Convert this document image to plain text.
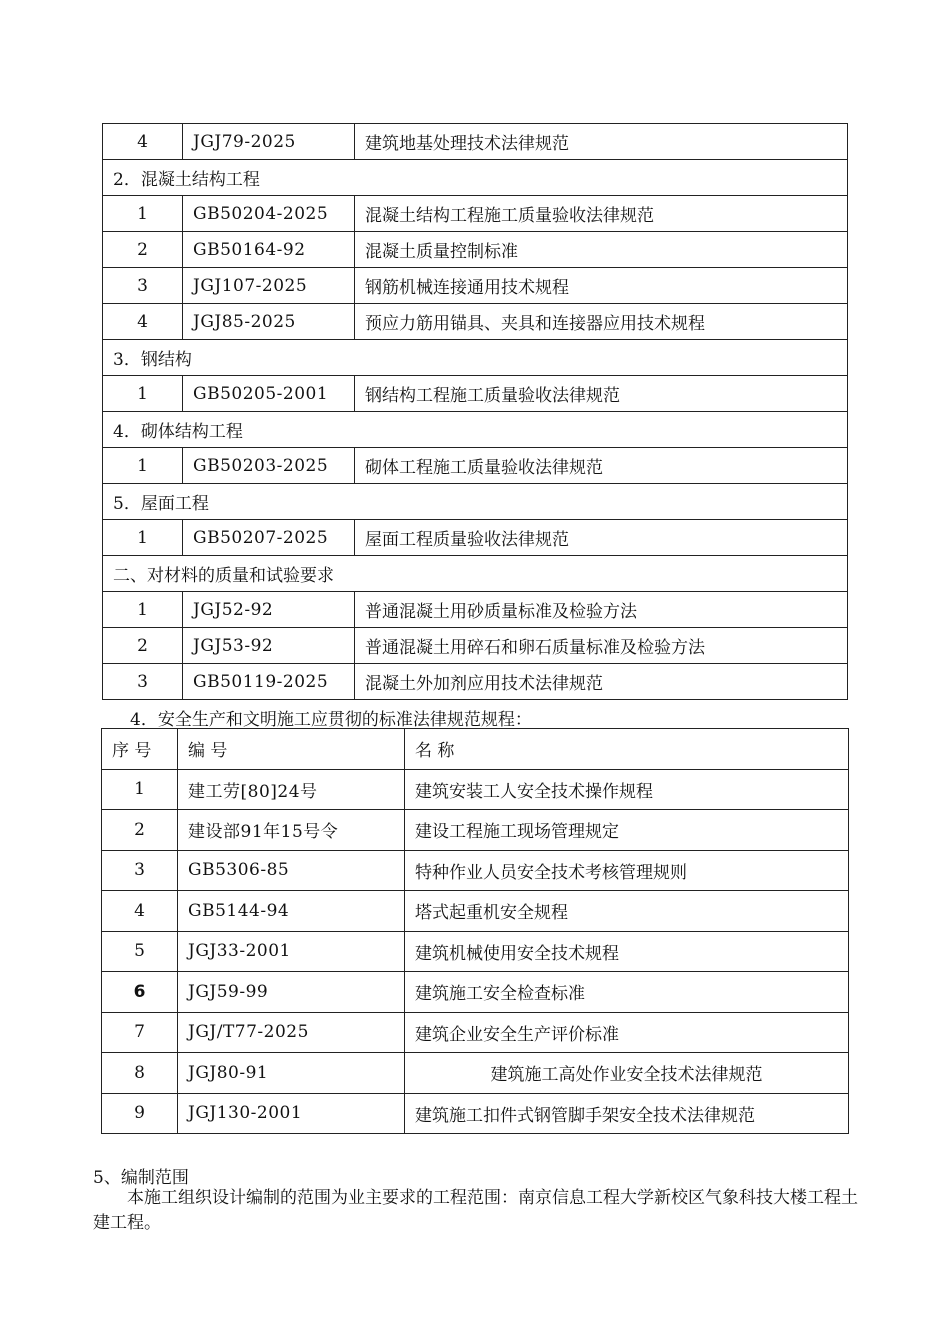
4	JGJ79-2025	建筑地基处理技术法律规范
2．混凝土结构工程		
1	GB50204-2025	混凝土结构工程施工质量验收法律规范
2	GB50164-92	混凝土质量控制标准
3	JGJ107-2025	钢筋机械连接通用技术规程
4	JGJ85-2025	预应力筋用锚具、夹具和连接器应用技术规程
3．钢结构		
1	GB50205-2001	钢结构工程施工质量验收法律规范
4．砌体结构工程		
1	GB50203-2025	砌体工程施工质量验收法律规范
5．屋面工程		
1	GB50207-2025	屋面工程质量验收法律规范
二、对材料的质量和试验要求		
1	JGJ52-92	普通混凝土用砂质量标准及检验方法
2	JGJ53-92	普通混凝土用碎石和卵石质量标准及检验方法
3	GB50119-2025	混凝土外加剂应用技术法律规范
4．安全生产和文明施工应贯彻的标准法律规范规程：
序 号	编 号	名 称
1	建工劳[80]24号	建筑安装工人安全技术操作规程
2	建设部91年15号令	建设工程施工现场管理规定
3	GB5306-85	特种作业人员安全技术考核管理规则
4	GB5144-94	塔式起重机安全规程
5	JGJ33-2001	建筑机械使用安全技术规程
6	JGJ59-99	建筑施工安全检查标准
7	JGJ/T77-2025	建筑企业安全生产评价标准
8	JGJ80-91	建筑施工高处作业安全技术法律规范
9	JGJ130-2001	建筑施工扣件式钢管脚手架安全技术法律规范
5、编制范围
本施工组织设计编制的范围为业主要求的工程范围：南京信息工程大学新校区气象科技大楼工程土建工程。
